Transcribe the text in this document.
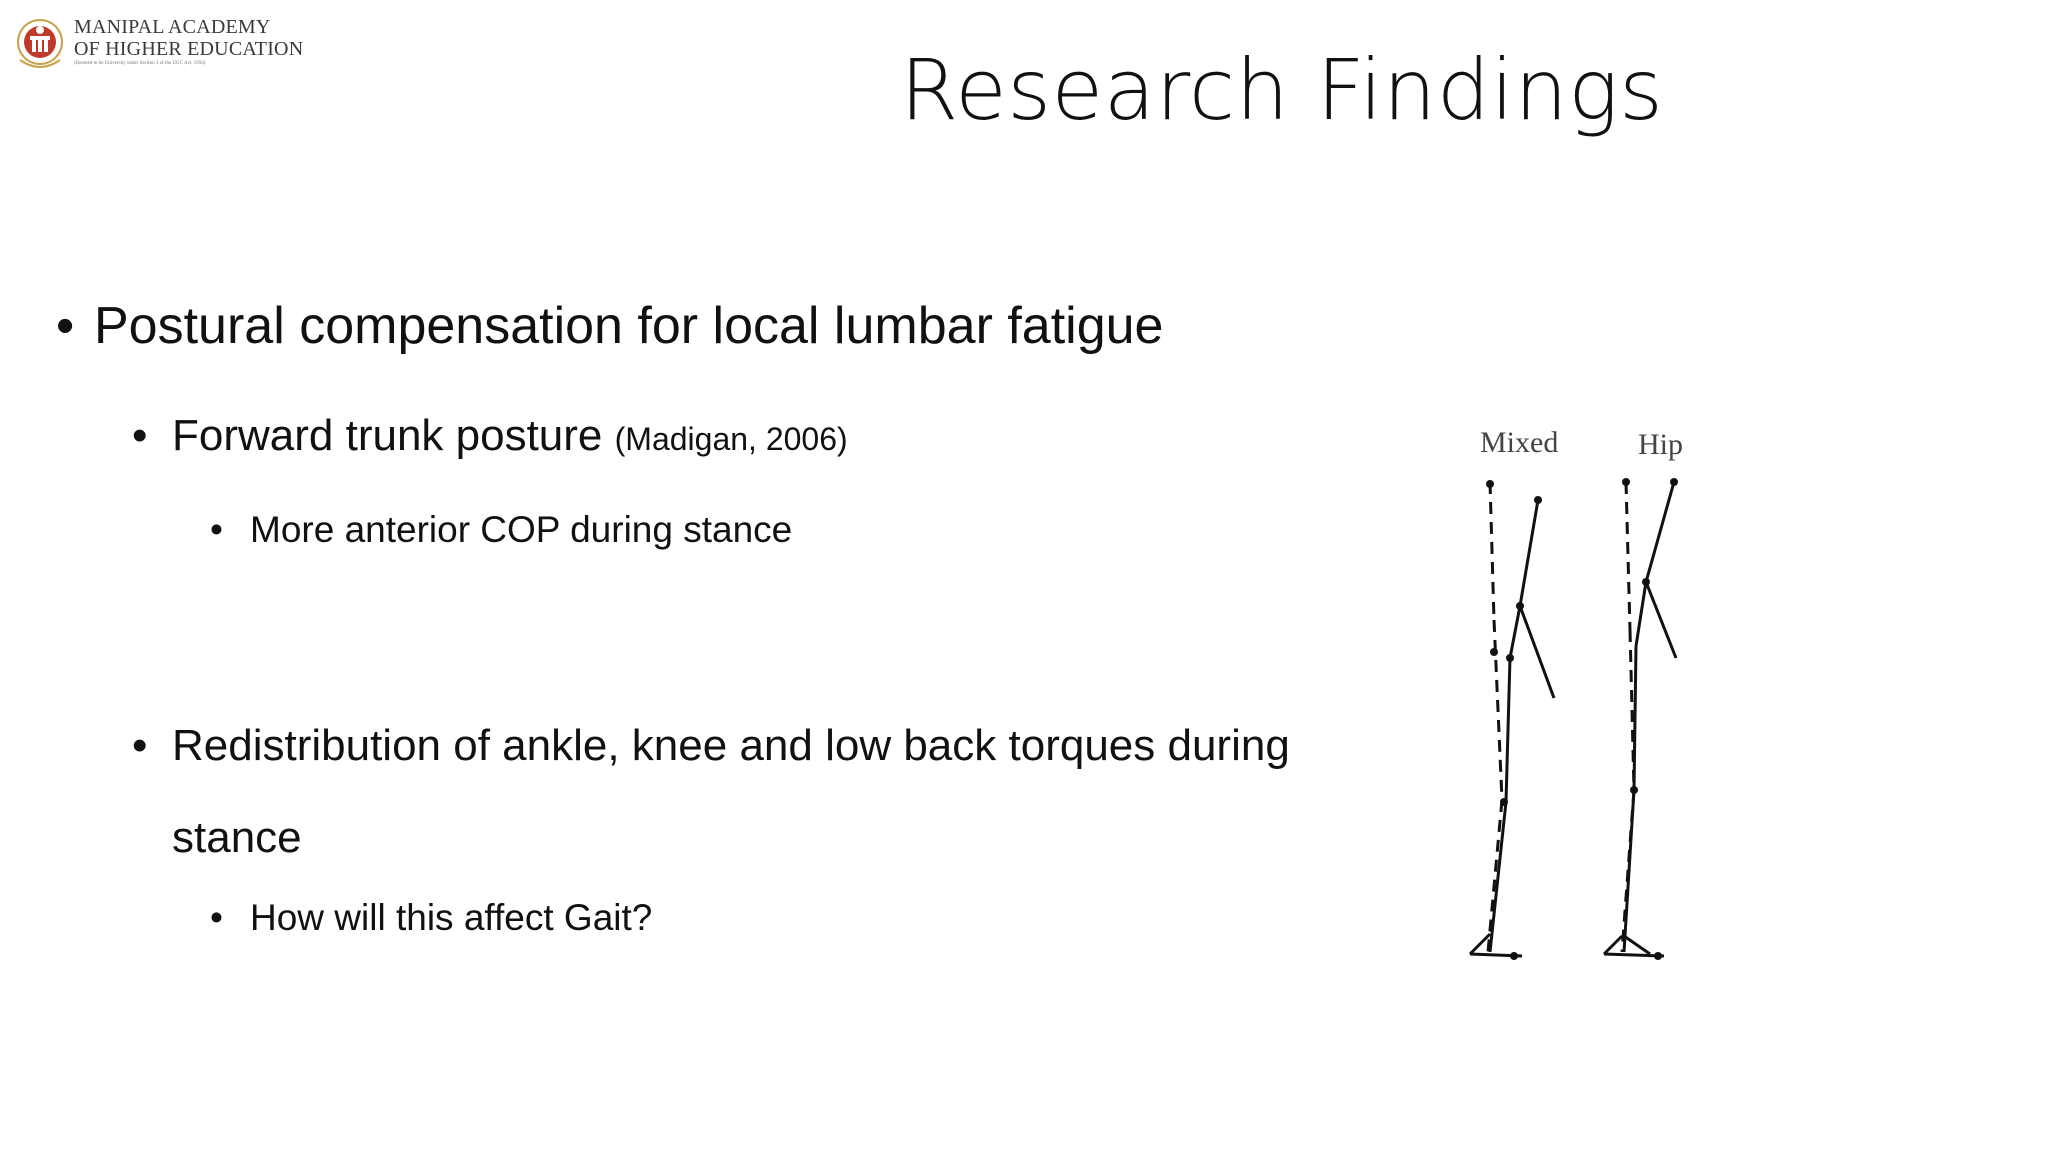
MANIPAL ACADEMY
OF HIGHER EDUCATION
(Deemed to be University under Section 3 of the UGC Act, 1956)	Research Findings
• Postural compensation for local lumbar fatigue
• Forward trunk posture (Madigan, 2006)
• More anterior COP during stance
• Redistribution of ankle, knee and low back torques during stance
• How will this affect Gait?
Mixed	Hip
